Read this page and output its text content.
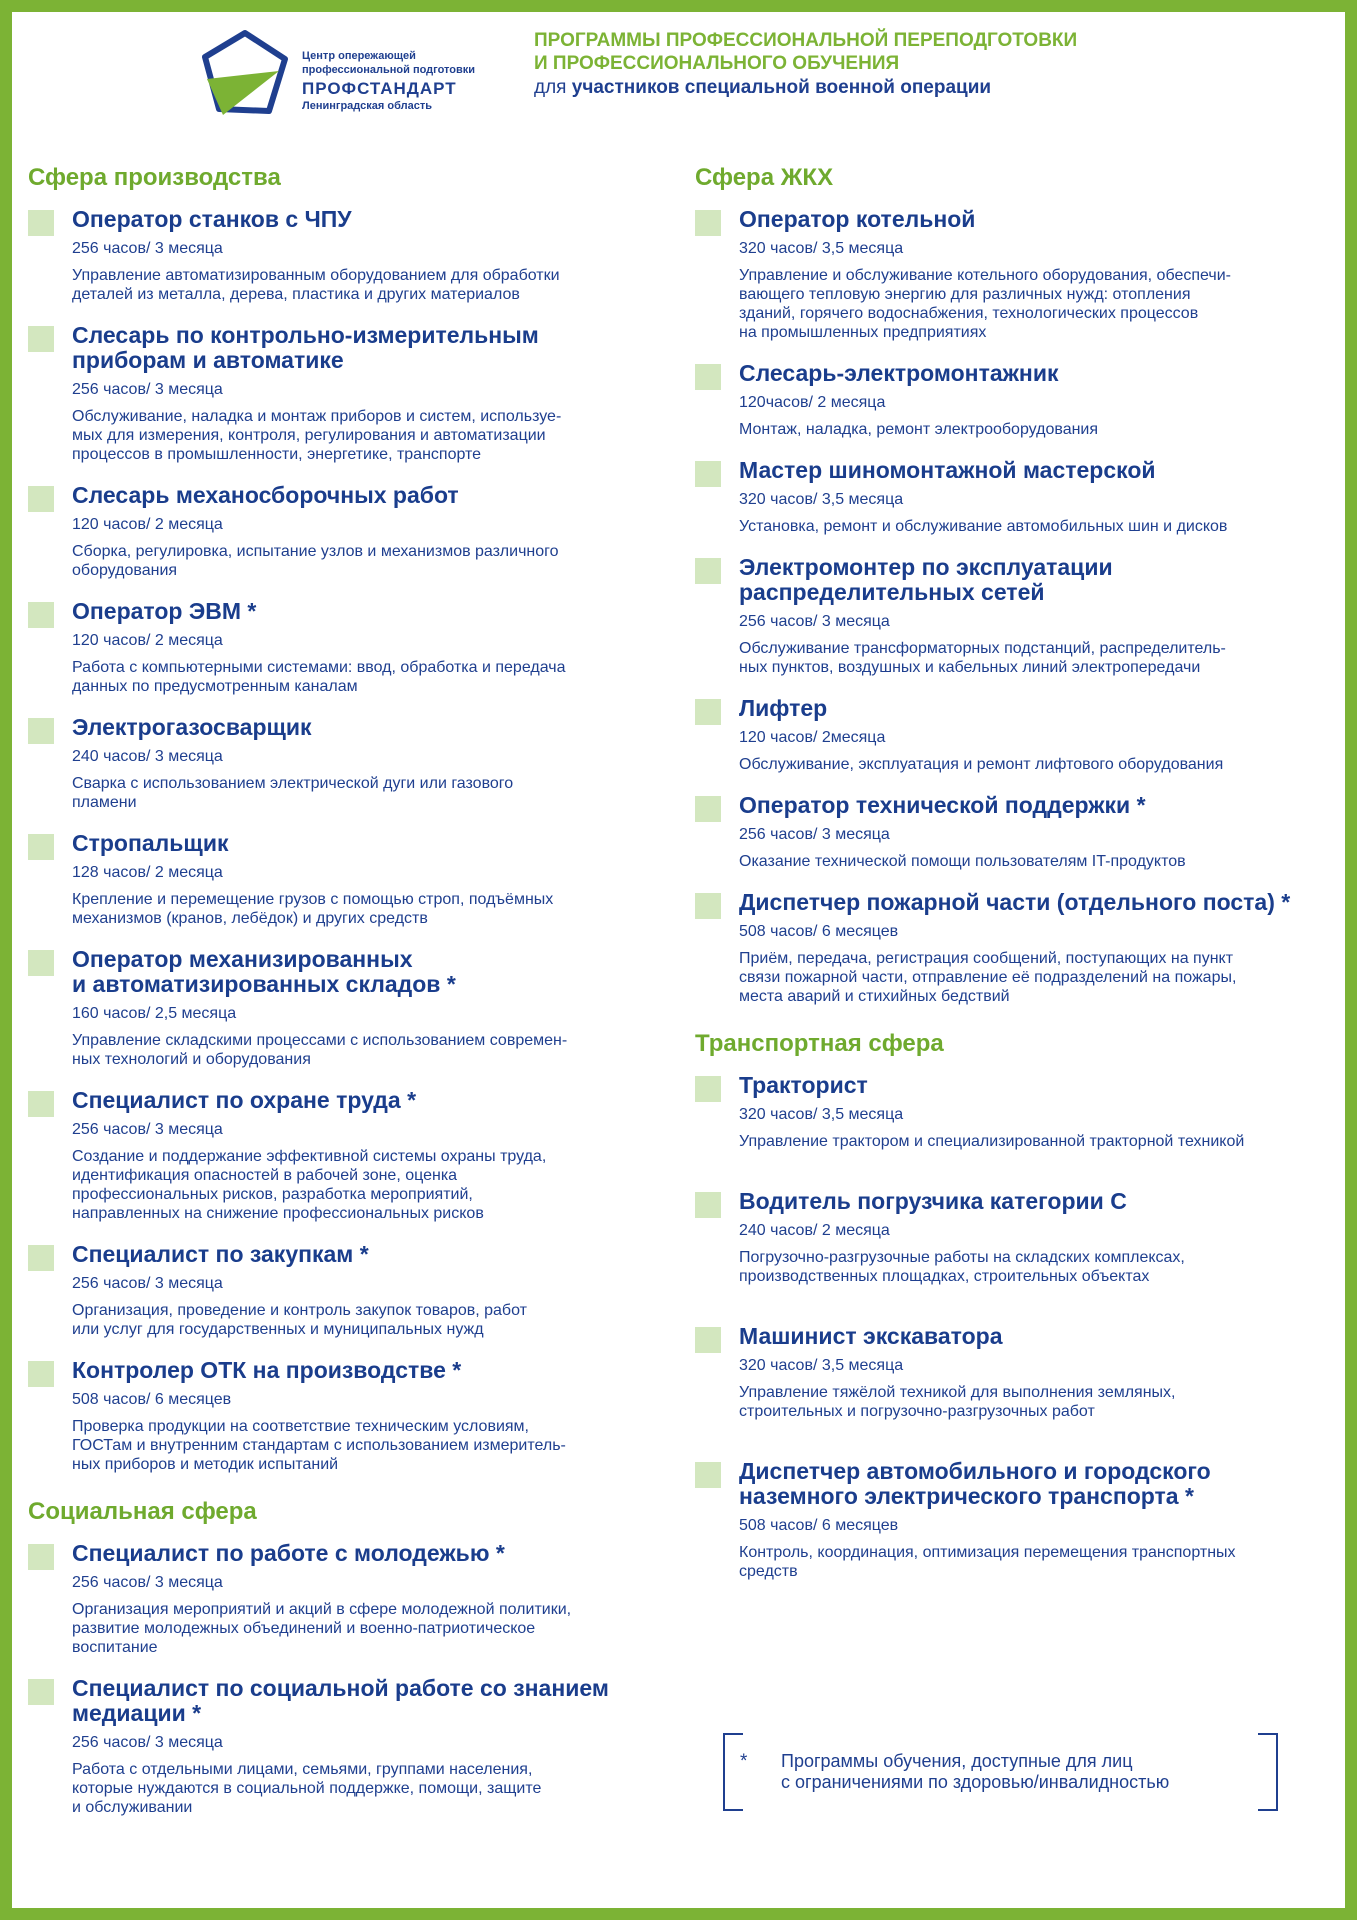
Центр опережающей
профессиональной подготовки
ПРОФСТАНДАРТ
Ленинградская область
ПРОГРАММЫ ПРОФЕССИОНАЛЬНОЙ ПЕРЕПОДГОТОВКИ
И ПРОФЕССИОНАЛЬНОГО ОБУЧЕНИЯ
для участников специальной военной операции
Сфера производства
Оператор станков с ЧПУ
256 часов/ 3 месяца
Управление автоматизированным оборудованием для обработки
деталей из металла, дерева, пластика и других материалов
Слесарь по контрольно-измерительным
приборам и автоматике
256 часов/ 3 месяца
Обслуживание, наладка и монтаж приборов и систем, используе-
мых для измерения, контроля, регулирования и автоматизации
процессов в промышленности, энергетике, транспорте
Слесарь механосборочных работ
120 часов/ 2 месяца
Сборка, регулировка, испытание узлов и механизмов различного
оборудования
Оператор ЭВМ *
120 часов/ 2 месяца
Работа с компьютерными системами: ввод, обработка и передача
данных по предусмотренным каналам
Электрогазосварщик
240 часов/ 3 месяца
Сварка с использованием электрической дуги или газового
пламени
Стропальщик
128 часов/ 2 месяца
Крепление и перемещение грузов с помощью строп, подъёмных
механизмов (кранов, лебёдок) и других средств
Оператор механизированных
и автоматизированных складов *
160 часов/ 2,5 месяца
Управление складскими процессами с использованием современ-
ных технологий и оборудования
Специалист по охране труда *
256 часов/ 3 месяца
Создание и поддержание эффективной системы охраны труда,
идентификация опасностей в рабочей зоне, оценка
профессиональных рисков, разработка мероприятий,
направленных на снижение профессиональных рисков
Специалист по закупкам *
256 часов/ 3 месяца
Организация, проведение и контроль закупок товаров, работ
или услуг для государственных и муниципальных нужд
Контролер ОТК на производстве *
508 часов/ 6 месяцев
Проверка продукции на соответствие техническим условиям,
ГОСТам и внутренним стандартам с использованием измеритель-
ных приборов и методик испытаний
Социальная сфера
Специалист по работе с молодежью *
256 часов/ 3 месяца
Организация мероприятий и акций в сфере молодежной политики,
развитие молодежных объединений и военно-патриотическое
воспитание
Специалист по социальной работе со знанием
медиации *
256 часов/ 3 месяца
Работа с отдельными лицами, семьями, группами населения,
которые нуждаются в социальной поддержке, помощи, защите
и обслуживании
Сфера ЖКХ
Оператор котельной
320 часов/ 3,5 месяца
Управление и обслуживание котельного оборудования, обеспечи-
вающего тепловую энергию для различных нужд: отопления
зданий, горячего водоснабжения, технологических процессов
на промышленных предприятиях
Слесарь-электромонтажник
120часов/ 2 месяца
Монтаж, наладка, ремонт электрооборудования
Мастер шиномонтажной мастерской
320 часов/ 3,5 месяца
Установка, ремонт и обслуживание автомобильных шин и дисков
Электромонтер по эксплуатации
распределительных сетей
256 часов/ 3 месяца
Обслуживание трансформаторных подстанций, распределитель-
ных пунктов, воздушных и кабельных линий электропередачи
Лифтер
120 часов/ 2месяца
Обслуживание, эксплуатация и ремонт лифтового оборудования
Оператор технической поддержки *
256 часов/ 3 месяца
Оказание технической помощи пользователям IT-продуктов
Диспетчер пожарной части (отдельного поста) *
508 часов/ 6 месяцев
Приём, передача, регистрация сообщений, поступающих на пункт
связи пожарной части, отправление её подразделений на пожары,
места аварий и стихийных бедствий
Транспортная сфера
Тракторист
320 часов/ 3,5 месяца
Управление трактором и специализированной тракторной техникой
Водитель погрузчика категории С
240 часов/ 2 месяца
Погрузочно-разгрузочные работы на складских комплексах,
производственных площадках, строительных объектах
Машинист экскаватора
320 часов/ 3,5 месяца
Управление тяжёлой техникой для выполнения земляных,
строительных и погрузочно-разгрузочных работ
Диспетчер автомобильного и городского
наземного электрического транспорта *
508 часов/ 6 месяцев
Контроль, координация, оптимизация перемещения транспортных
средств
* Программы обучения, доступные для лиц
с ограничениями по здоровью/инвалидностью
